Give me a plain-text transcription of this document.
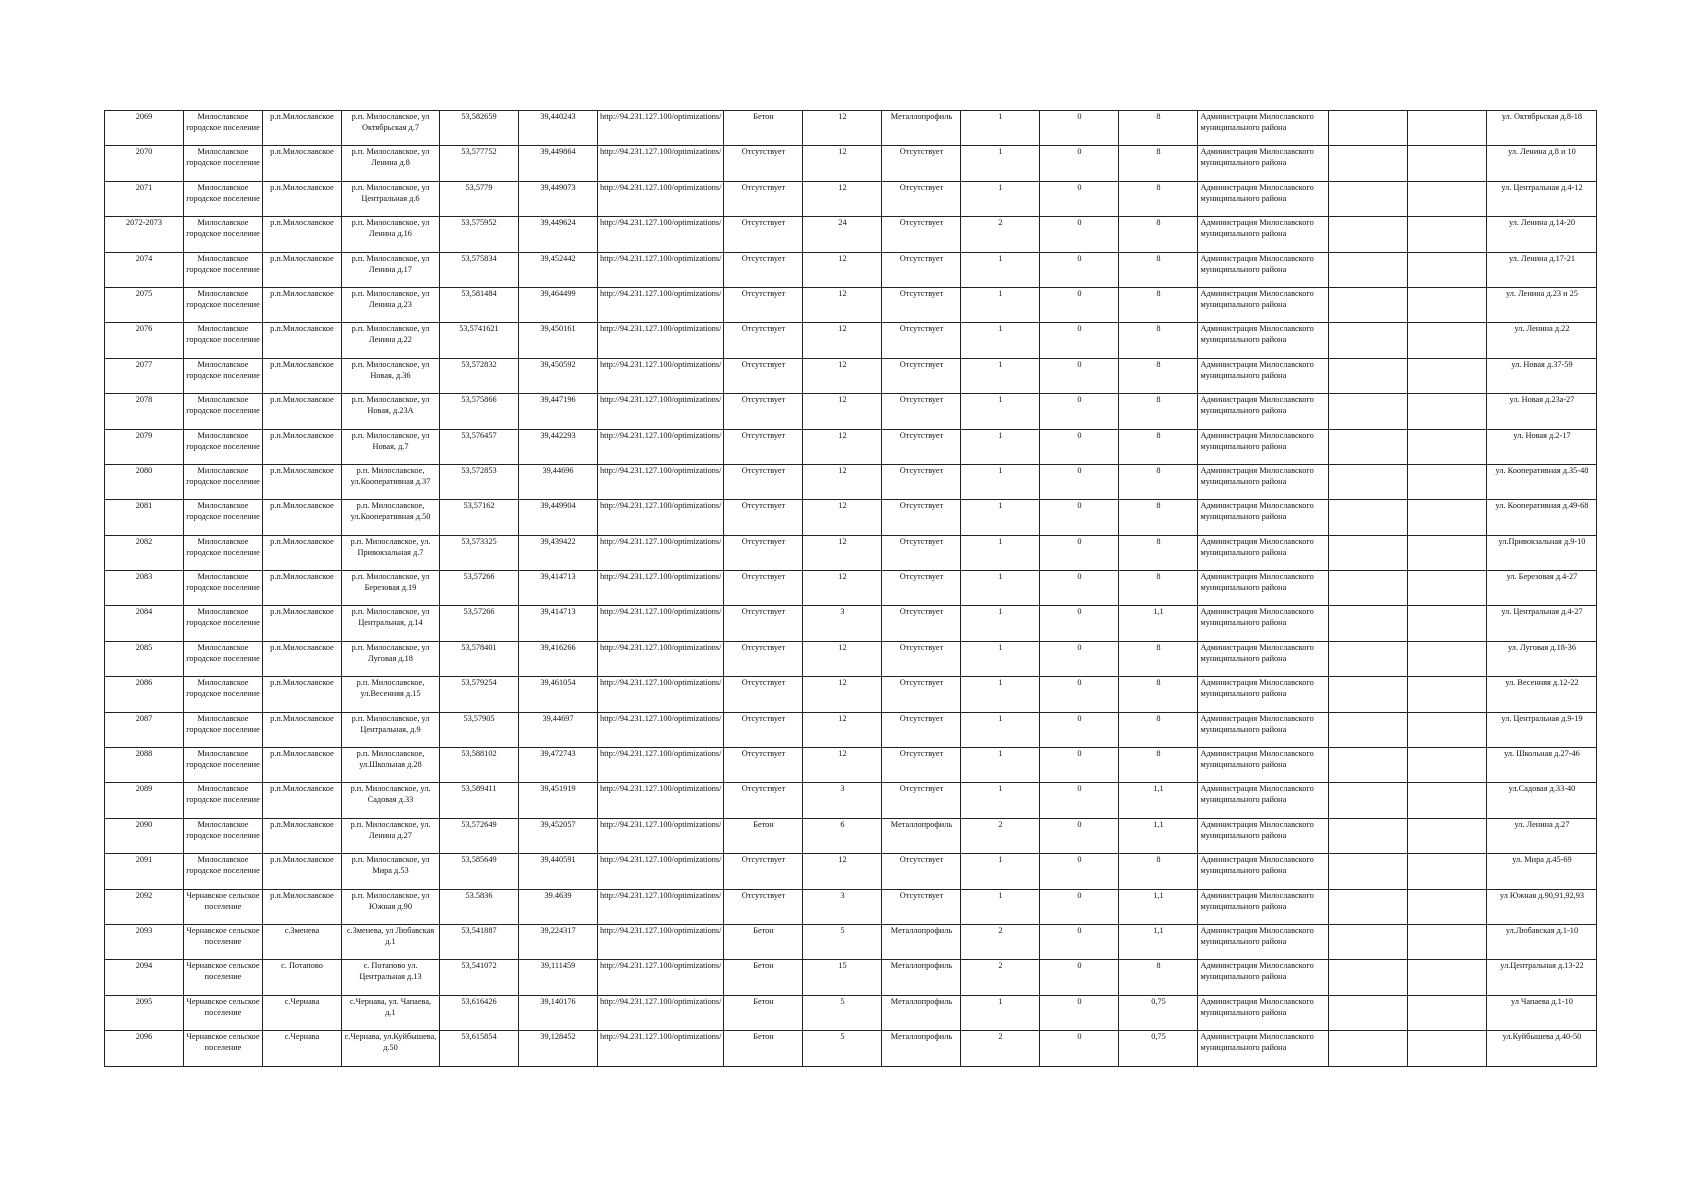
2069	Милославское городское поселение	р.п.Милославское	р.п. Милославское, ул Октябрьская д.7	53,582659	39,440243	http://94.231.127.100/optimizations/	Бетон	12	Металлопрофиль	1	0	8	Администрация Милославского муниципального района			ул. Октябрьская д.8-18
2070	Милославское городское поселение	р.п.Милославское	р.п. Милославское, ул Ленина д.8	53,577752	39,449864	http://94.231.127.100/optimizations/	Отсутствует	12	Отсутствует	1	0	8	Администрация Милославского муниципального района			ул. Ленина д.8 и 10
2071	Милославское городское поселение	р.п.Милославское	р.п. Милославское, ул Центральная д.6	53,5779	39,449073	http://94.231.127.100/optimizations/	Отсутствует	12	Отсутствует	1	0	8	Администрация Милославского муниципального района			ул. Центральная д.4-12
2072-2073	Милославское городское поселение	р.п.Милославское	р.п. Милославское, ул Ленина д.16	53,575952	39,449624	http://94.231.127.100/optimizations/	Отсутствует	24	Отсутствует	2	0	8	Администрация Милославского муниципального района			ул. Ленина д.14-20
2074	Милославское городское поселение	р.п.Милославское	р.п. Милославское, ул Ленина д.17	53,575834	39,452442	http://94.231.127.100/optimizations/	Отсутствует	12	Отсутствует	1	0	8	Администрация Милославского муниципального района			ул. Ленина д.17-21
2075	Милославское городское поселение	р.п.Милославское	р.п. Милославское, ул Ленина д.23	53,581484	39,464499	http://94.231.127.100/optimizations/	Отсутствует	12	Отсутствует	1	0	8	Администрация Милославского муниципального района			ул. Ленина д.23 и 25
2076	Милославское городское поселение	р.п.Милославское	р.п. Милославское, ул Ленина д.22	53,5741621	39,450161	http://94.231.127.100/optimizations/	Отсутствует	12	Отсутствует	1	0	8	Администрация Милославского муниципального района			ул. Ленина д.22
2077	Милославское городское поселение	р.п.Милославское	р.п. Милославское, ул Новая, д.36	53,572832	39,450592	http://94.231.127.100/optimizations/	Отсутствует	12	Отсутствует	1	0	8	Администрация Милославского муниципального района			ул. Новая д.37-59
2078	Милославское городское поселение	р.п.Милославское	р.п. Милославское, ул Новая, д.23А	53,575866	39,447196	http://94.231.127.100/optimizations/	Отсутствует	12	Отсутствует	1	0	8	Администрация Милославского муниципального района			ул. Новая д.23а-27
2079	Милославское городское поселение	р.п.Милославское	р.п. Милославское, ул Новая, д.7	53,576457	39,442293	http://94.231.127.100/optimizations/	Отсутствует	12	Отсутствует	1	0	8	Администрация Милославского муниципального района			ул. Новая д.2-17
2080	Милославское городское поселение	р.п.Милославское	р.п. Милославское, ул.Кооперативная д.37	53,572853	39,44696	http://94.231.127.100/optimizations/	Отсутствует	12	Отсутствует	1	0	8	Администрация Милославского муниципального района			ул. Кооперативная д.35-48
2081	Милославское городское поселение	р.п.Милославское	р.п. Милославское, ул.Кооперативная д.50	53,57162	39,449904	http://94.231.127.100/optimizations/	Отсутствует	12	Отсутствует	1	0	8	Администрация Милославского муниципального района			ул. Кооперативная д.49-68
2082	Милославское городское поселение	р.п.Милославское	р.п. Милославское, ул. Привокзальная д.7	53,573325	39,439422	http://94.231.127.100/optimizations/	Отсутствует	12	Отсутствует	1	0	8	Администрация Милославского муниципального района			ул.Привокзальная д.9-10
2083	Милославское городское поселение	р.п.Милославское	р.п. Милославское, ул Березовая д.19	53,57266	39,414713	http://94.231.127.100/optimizations/	Отсутствует	12	Отсутствует	1	0	8	Администрация Милославского муниципального района			ул. Березовая д.4-27
2084	Милославское городское поселение	р.п.Милославское	р.п. Милославское, ул Центральная, д.14	53,57266	39,414713	http://94.231.127.100/optimizations/	Отсутствует	3	Отсутствует	1	0	1,1	Администрация Милославского муниципального района			ул. Центральная д.4-27
2085	Милославское городское поселение	р.п.Милославское	р.п. Милославское, ул Луговая д.18	53,578401	39,416266	http://94.231.127.100/optimizations/	Отсутствует	12	Отсутствует	1	0	8	Администрация Милославского муниципального района			ул. Луговая д.18-36
2086	Милославское городское поселение	р.п.Милославское	р.п. Милославское, ул.Весенняя д.15	53,579254	39,461054	http://94.231.127.100/optimizations/	Отсутствует	12	Отсутствует	1	0	8	Администрация Милославского муниципального района			ул. Весенняя д.12-22
2087	Милославское городское поселение	р.п.Милославское	р.п. Милославское, ул Центральная, д.9	53,57905	39,44697	http://94.231.127.100/optimizations/	Отсутствует	12	Отсутствует	1	0	8	Администрация Милославского муниципального района			ул. Центральная д.9-19
2088	Милославское городское поселение	р.п.Милославское	р.п. Милославское, ул.Школьная д.28	53,588102	39,472743	http://94.231.127.100/optimizations/	Отсутствует	12	Отсутствует	1	0	8	Администрация Милославского муниципального района			ул. Школьная д.27-46
2089	Милославское городское поселение	р.п.Милославское	р.п. Милославское, ул. Садовая д.33	53,589411	39,451919	http://94.231.127.100/optimizations/	Отсутствует	3	Отсутствует	1	0	1,1	Администрация Милославского муниципального района			ул.Садовая д.33-40
2090	Милославское городское поселение	р.п.Милославское	р.п. Милославское, ул. Ленина д.27	53,572649	39,452057	http://94.231.127.100/optimizations/	Бетон	6	Металлопрофиль	2	0	1,1	Администрация Милославского муниципального района			ул. Ленина д.27
2091	Милославское городское поселение	р.п.Милославское	р.п. Милославское, ул Мира д.53	53,585649	39,440591	http://94.231.127.100/optimizations/	Отсутствует	12	Отсутствует	1	0	8	Администрация Милославского муниципального района			ул. Мира д.45-69
2092	Чернавское сельское поселение	р.п.Милославское	р.п. Милославское, ул Южная д.90	53.5836	39.4639	http://94.231.127.100/optimizations/	Отсутствует	3	Отсутствует	1	0	1,1	Администрация Милославского муниципального района			ул Южная д.90,91,92,93
2093	Чернавское сельское поселение	с.Зменева	с.Зменева, ул Любавская д.1	53,541887	39,224317	http://94.231.127.100/optimizations/	Бетон	5	Металлопрофиль	2	0	1,1	Администрация Милославского муниципального района			ул.Любавская д.1-10
2094	Чернавское сельское поселение	с. Потапово	с. Потапово ул. Центральная д.13	53,541072	39,111459	http://94.231.127.100/optimizations/	Бетон	15	Металлопрофиль	2	0	8	Администрация Милославского муниципального района			ул.Центральная д.13-22
2095	Чернавское сельское поселение	с.Чернава	с.Чернава, ул. Чапаева, д.1	53,616426	39,140176	http://94.231.127.100/optimizations/	Бетон	5	Металлопрофиль	1	0	0,75	Администрация Милославского муниципального района			ул Чапаева д.1-10
2096	Чернавское сельское поселение	с.Чернава	с.Чернава, ул.Куйбышева, д.50	53,615854	39,128452	http://94.231.127.100/optimizations/	Бетон	5	Металлопрофиль	2	0	0,75	Администрация Милославского муниципального района			ул.Куйбышева д.40-50
